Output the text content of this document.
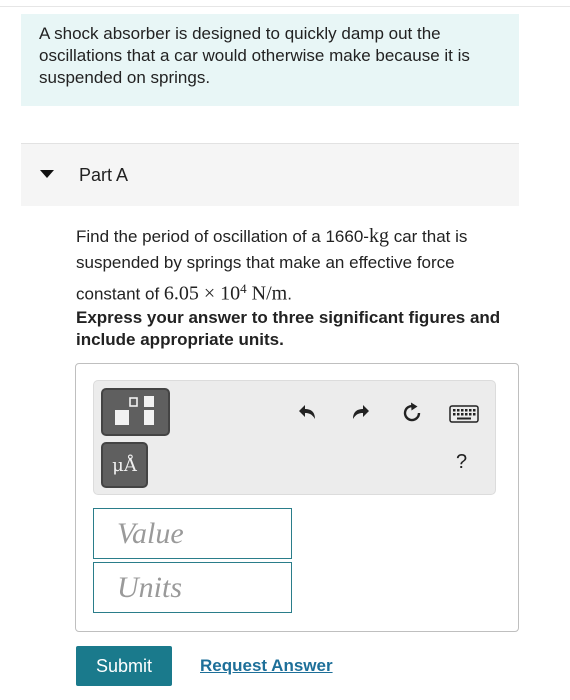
A shock absorber is designed to quickly damp out the oscillations that a car would otherwise make because it is suspended on springs.
Part A
Find the period of oscillation of a 1660-kg car that is suspended by springs that make an effective force constant of $6.05 \times 10^4$ N/m.
Express your answer to three significant figures and include appropriate units.
μÅ	?
Value
Units
Submit	Request Answer
